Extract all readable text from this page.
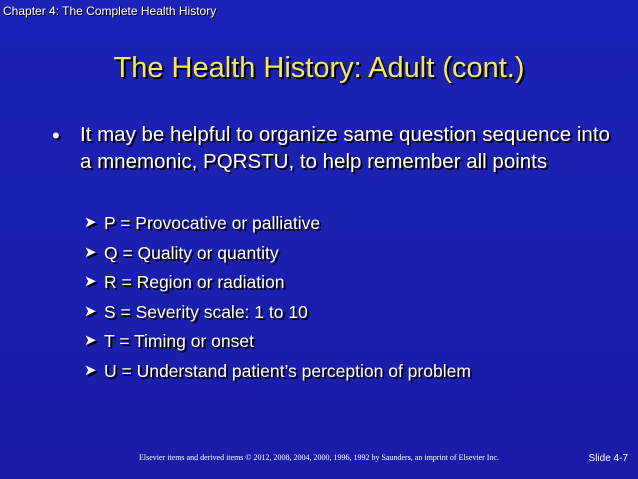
Chapter 4: The Complete Health History
The Health History: Adult (cont.)
• It may be helpful to organize same question sequence into a mnemonic, PQRSTU, to help remember all points
➤ P = Provocative or palliative
➤ Q = Quality or quantity
➤ R = Region or radiation
➤ S = Severity scale: 1 to 10
➤ T = Timing or onset
➤ U = Understand patient’s perception of problem
Elsevier items and derived items © 2012, 2008, 2004, 2000, 1996, 1992 by Saunders, an imprint of Elsevier Inc.	Slide 4-7
